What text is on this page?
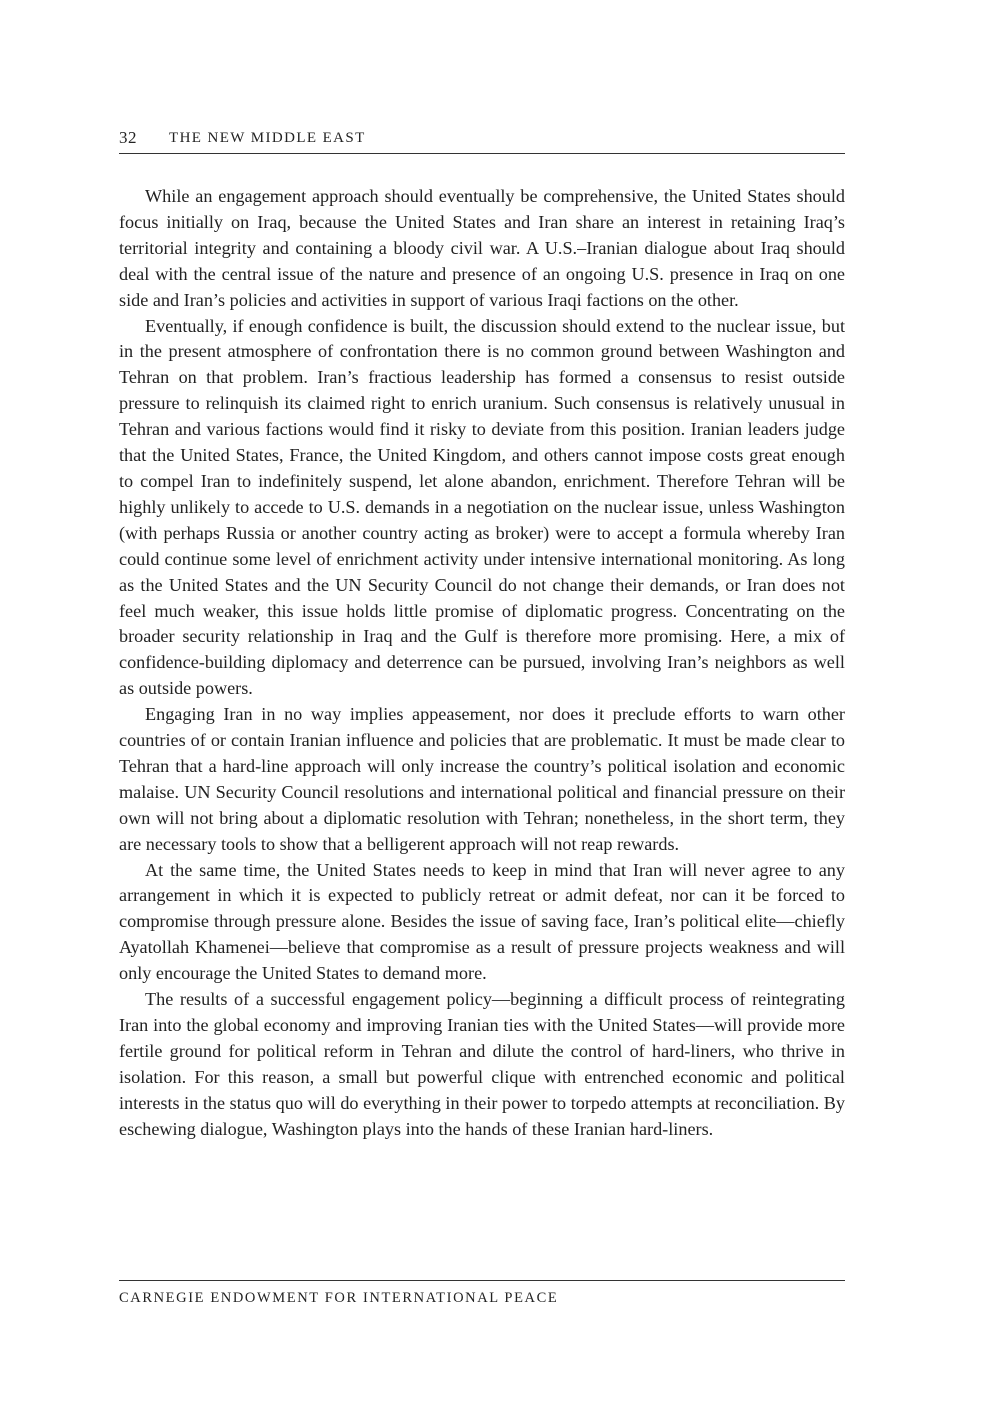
32 THE NEW MIDDLE EAST

While an engagement approach should eventually be comprehensive, the United States should focus initially on Iraq, because the United States and Iran share an interest in retaining Iraq’s territorial integrity and containing a bloody civil war. A U.S.–Iranian dialogue about Iraq should deal with the central issue of the nature and presence of an ongoing U.S. presence in Iraq on one side and Iran’s policies and activities in support of various Iraqi factions on the other.

Eventually, if enough confidence is built, the discussion should extend to the nuclear issue, but in the present atmosphere of confrontation there is no common ground between Washington and Tehran on that problem. Iran’s fractious leadership has formed a consensus to resist outside pressure to relinquish its claimed right to enrich uranium. Such consensus is relatively unusual in Tehran and various factions would find it risky to deviate from this position. Iranian leaders judge that the United States, France, the United Kingdom, and others cannot impose costs great enough to compel Iran to indefinitely suspend, let alone abandon, enrichment. Therefore Tehran will be highly unlikely to accede to U.S. demands in a negotiation on the nuclear issue, unless Washington (with perhaps Russia or another country acting as broker) were to accept a formula whereby Iran could continue some level of enrichment activity under intensive international monitoring. As long as the United States and the UN Security Council do not change their demands, or Iran does not feel much weaker, this issue holds little promise of diplomatic progress. Concentrating on the broader security relationship in Iraq and the Gulf is therefore more promising. Here, a mix of confidence-building diplomacy and deterrence can be pursued, involving Iran’s neighbors as well as outside powers.

Engaging Iran in no way implies appeasement, nor does it preclude efforts to warn other countries of or contain Iranian influence and policies that are problematic. It must be made clear to Tehran that a hard-line approach will only increase the country’s political isolation and economic malaise. UN Security Council resolutions and international political and financial pressure on their own will not bring about a diplomatic resolution with Tehran; nonetheless, in the short term, they are necessary tools to show that a belligerent approach will not reap rewards.

At the same time, the United States needs to keep in mind that Iran will never agree to any arrangement in which it is expected to publicly retreat or admit defeat, nor can it be forced to compromise through pressure alone. Besides the issue of saving face, Iran’s political elite—chiefly Ayatollah Khamenei—believe that compromise as a result of pressure projects weakness and will only encourage the United States to demand more.

The results of a successful engagement policy—beginning a difficult process of reintegrating Iran into the global economy and improving Iranian ties with the United States—will provide more fertile ground for political reform in Tehran and dilute the control of hard-liners, who thrive in isolation. For this reason, a small but powerful clique with entrenched economic and political interests in the status quo will do everything in their power to torpedo attempts at reconciliation. By eschewing dialogue, Washington plays into the hands of these Iranian hard-liners.

CARNEGIE ENDOWMENT FOR INTERNATIONAL PEACE
